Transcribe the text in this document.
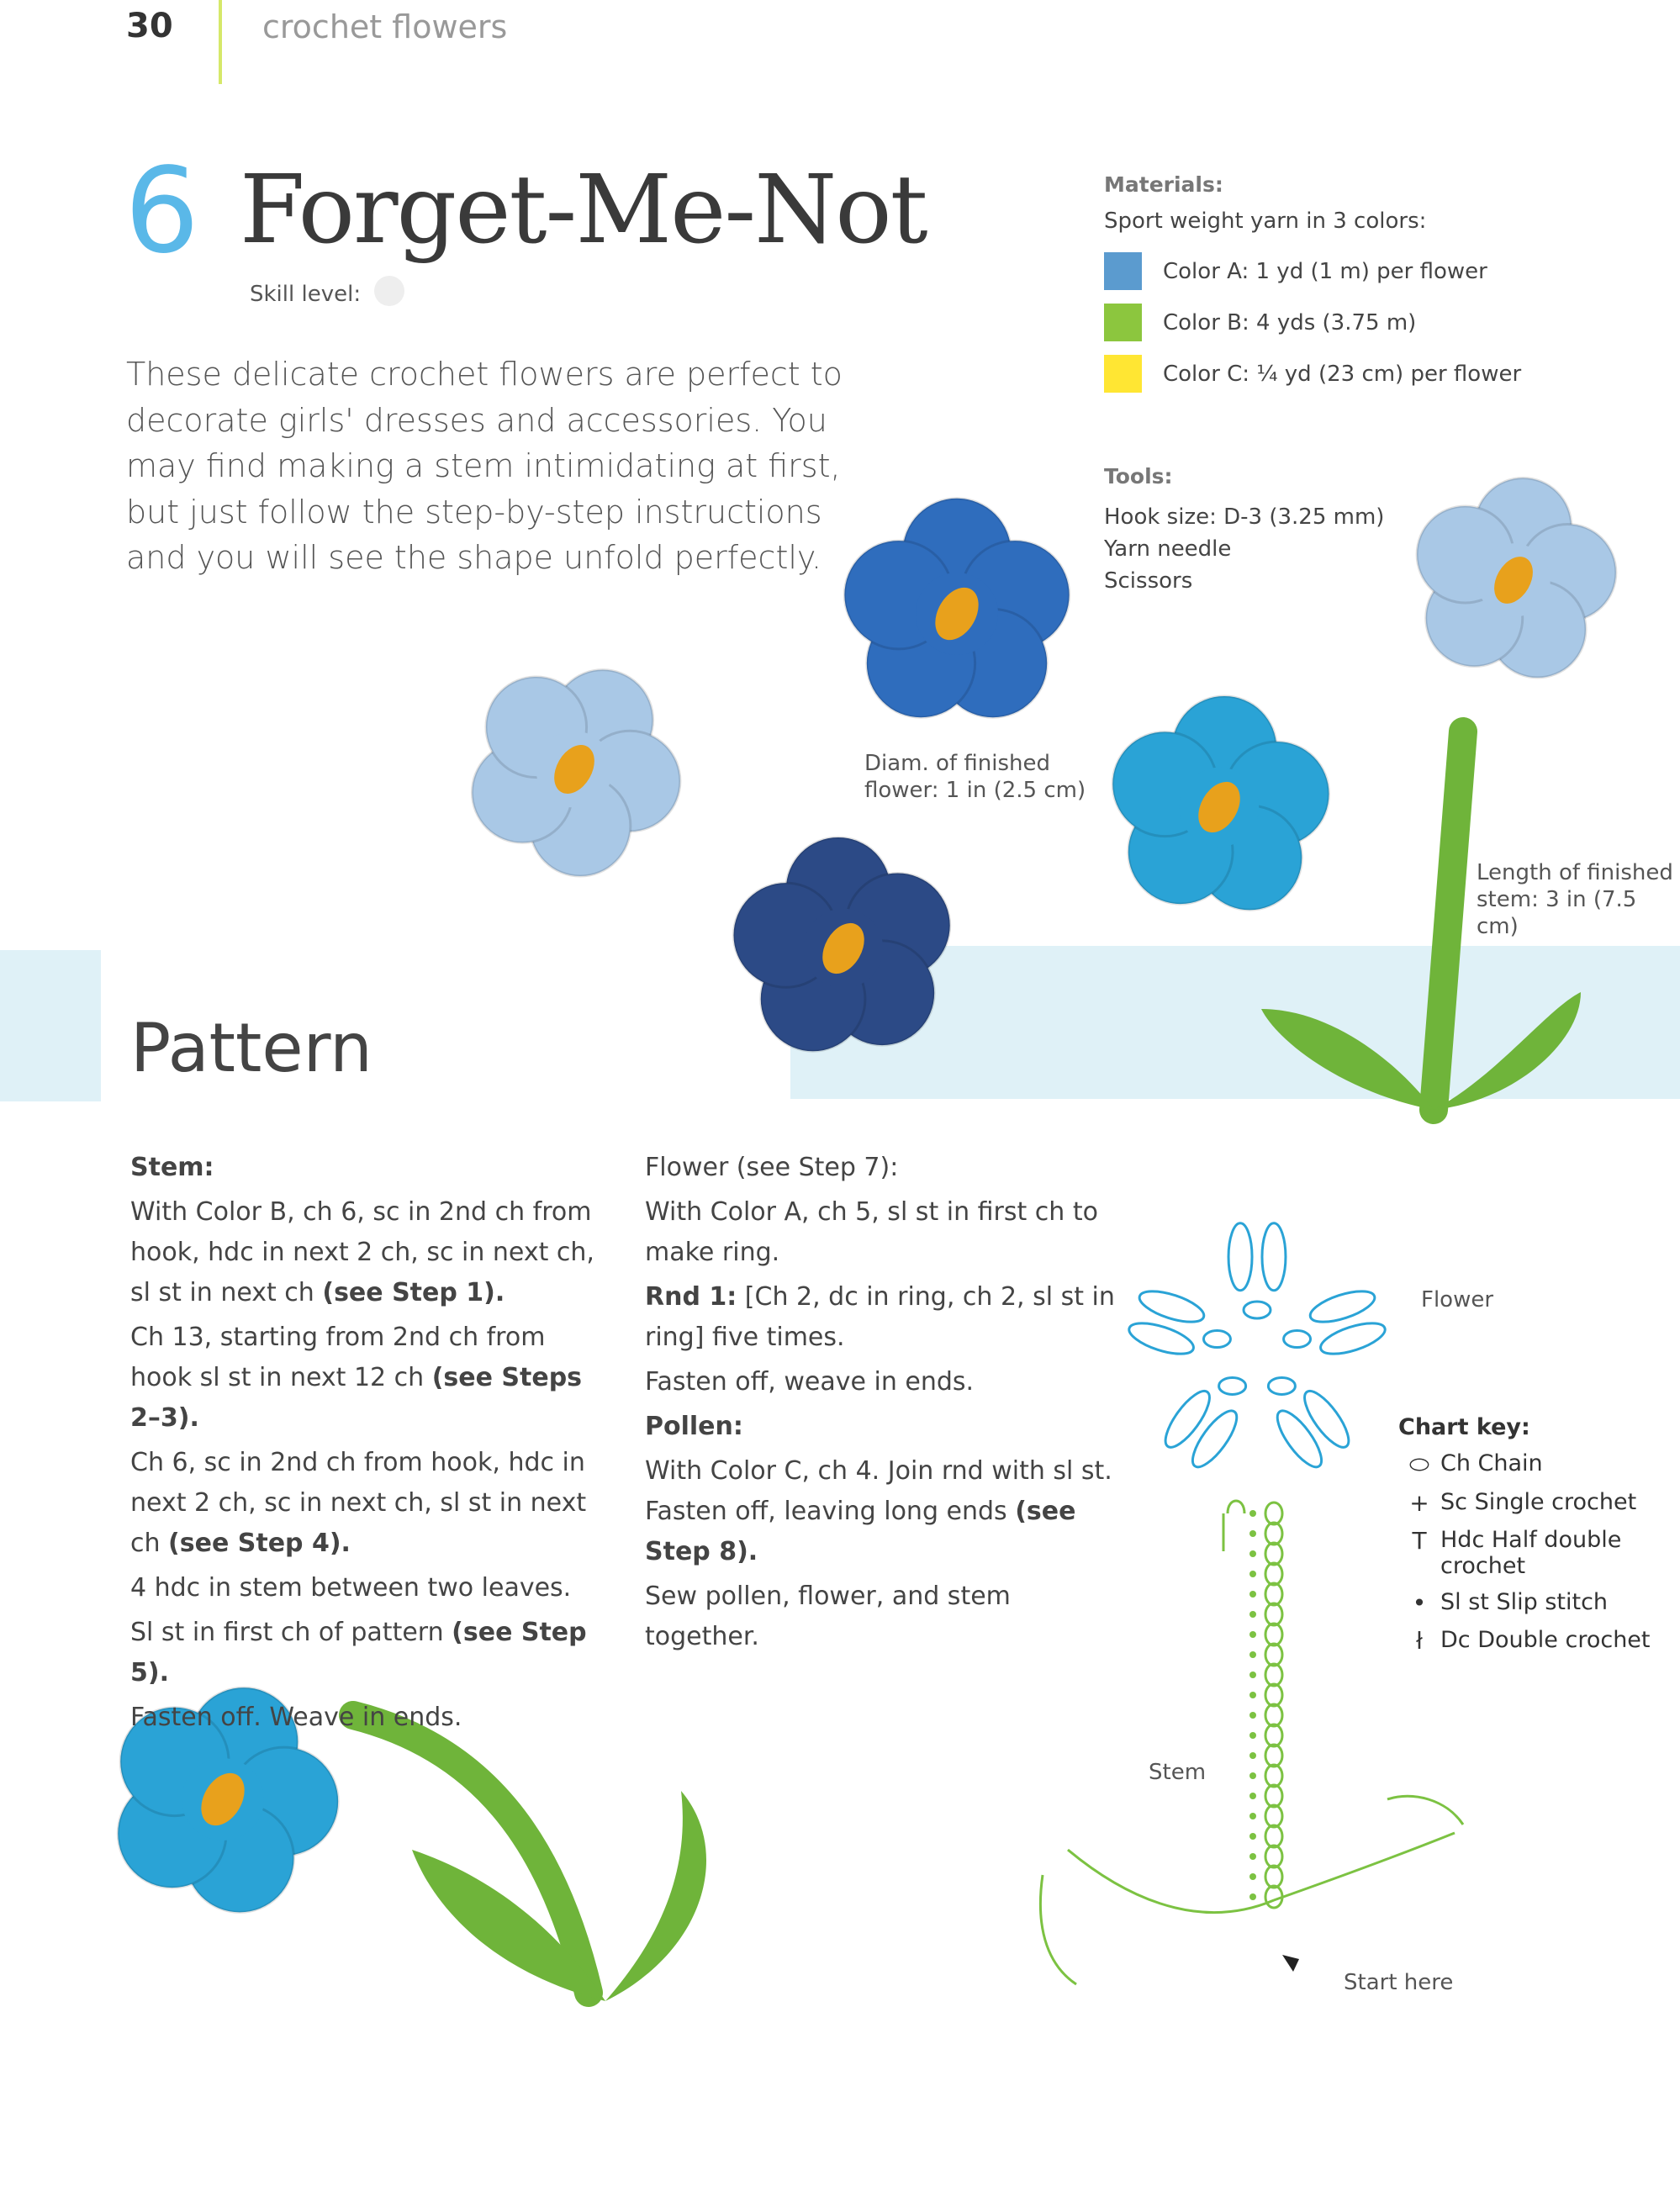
30	crochet flowers
6 Forget-Me-Not
Skill level:
These delicate crochet flowers are perfect to decorate girls' dresses and accessories. You may find making a stem intimidating at first, but just follow the step-by-step instructions and you will see the shape unfold perfectly.
Materials:
Sport weight yarn in 3 colors:
Color A: 1 yd (1 m) per flower
Color B: 4 yds (3.75 m)
Color C: ¼ yd (23 cm) per flower
Tools:
Hook size: D-3 (3.25 mm)
Yarn needle
Scissors
Pattern
Diam. of finished flower: 1 in (2.5 cm)
Length of finished stem: 3 in (7.5 cm)

Stem:

With Color B, ch 6, sc in 2nd ch from hook, hdc in next 2 ch, sc in next ch, sl st in next ch (see Step 1).

Ch 13, starting from 2nd ch from hook sl st in next 12 ch (see Steps 2–3).

Ch 6, sc in 2nd ch from hook, hdc in next 2 ch, sc in next ch, sl st in next ch (see Step 4).

4 hdc in stem between two leaves.

Sl st in first ch of pattern (see Step 5).

Fasten off. Weave in ends.

Flower (see Step 7):

With Color A, ch 5, sl st in first ch to make ring.

Rnd 1: [Ch 2, dc in ring, ch 2, sl st in ring] five times.

Fasten off, weave in ends.

Pollen:

With Color C, ch 4. Join rnd with sl st. Fasten off, leaving long ends (see Step 8).

Sew pollen, flower, and stem together.

Flower
Stem
Start here
Chart key:
⬭ Ch Chain
+ Sc Single crochet
T Hdc Half double crochet
• Sl st Slip stitch
ł Dc Double crochet
